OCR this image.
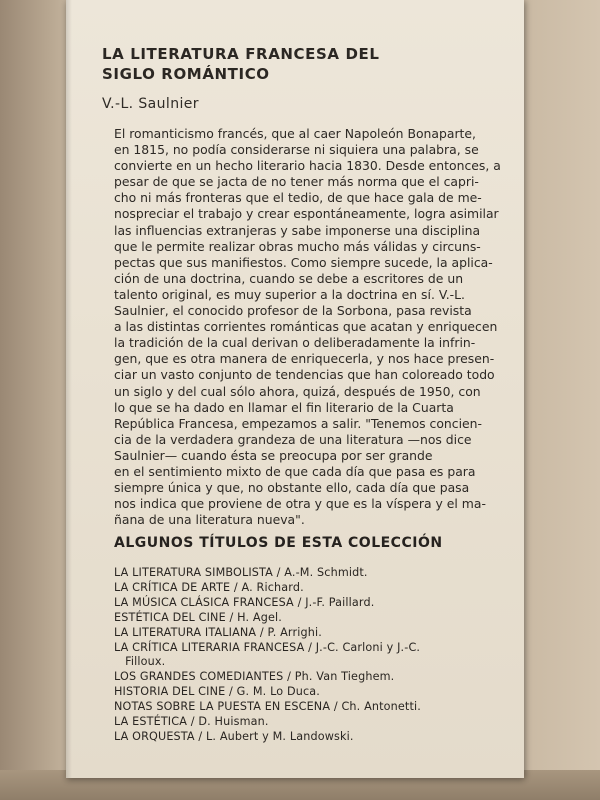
LA LITERATURA FRANCESA DEL
SIGLO ROMÁNTICO
V.-L. Saulnier
El romanticismo francés, que al caer Napoleón Bonaparte,
en 1815, no podía considerarse ni siquiera una palabra, se
convierte en un hecho literario hacia 1830. Desde entonces, a
pesar de que se jacta de no tener más norma que el capri-
cho ni más fronteras que el tedio, de que hace gala de me-
nospreciar el trabajo y crear espontáneamente, logra asimilar
las influencias extranjeras y sabe imponerse una disciplina
que le permite realizar obras mucho más válidas y circuns-
pectas que sus manifiestos. Como siempre sucede, la aplica-
ción de una doctrina, cuando se debe a escritores de un
talento original, es muy superior a la doctrina en sí. V.-L.
Saulnier, el conocido profesor de la Sorbona, pasa revista
a las distintas corrientes románticas que acatan y enriquecen
la tradición de la cual derivan o deliberadamente la infrin-
gen, que es otra manera de enriquecerla, y nos hace presen-
ciar un vasto conjunto de tendencias que han coloreado todo
un siglo y del cual sólo ahora, quizá, después de 1950, con
lo que se ha dado en llamar el fin literario de la Cuarta
República Francesa, empezamos a salir. "Tenemos concien-
cia de la verdadera grandeza de una literatura —nos dice
Saulnier— cuando ésta se preocupa por ser grande
en el sentimiento mixto de que cada día que pasa es para
siempre única y que, no obstante ello, cada día que pasa
nos indica que proviene de otra y que es la víspera y el ma-
ñana de una literatura nueva".
ALGUNOS TÍTULOS DE ESTA COLECCIÓN
LA LITERATURA SIMBOLISTA / A.-M. Schmidt.
LA CRÍTICA DE ARTE / A. Richard.
LA MÚSICA CLÁSICA FRANCESA / J.-F. Paillard.
ESTÉTICA DEL CINE / H. Agel.
LA LITERATURA ITALIANA / P. Arrighi.
LA CRÍTICA LITERARIA FRANCESA / J.-C. Carloni y J.-C.
Filloux.
LOS GRANDES COMEDIANTES / Ph. Van Tieghem.
HISTORIA DEL CINE / G. M. Lo Duca.
NOTAS SOBRE LA PUESTA EN ESCENA / Ch. Antonetti.
LA ESTÉTICA / D. Huisman.
LA ORQUESTA / L. Aubert y M. Landowski.
